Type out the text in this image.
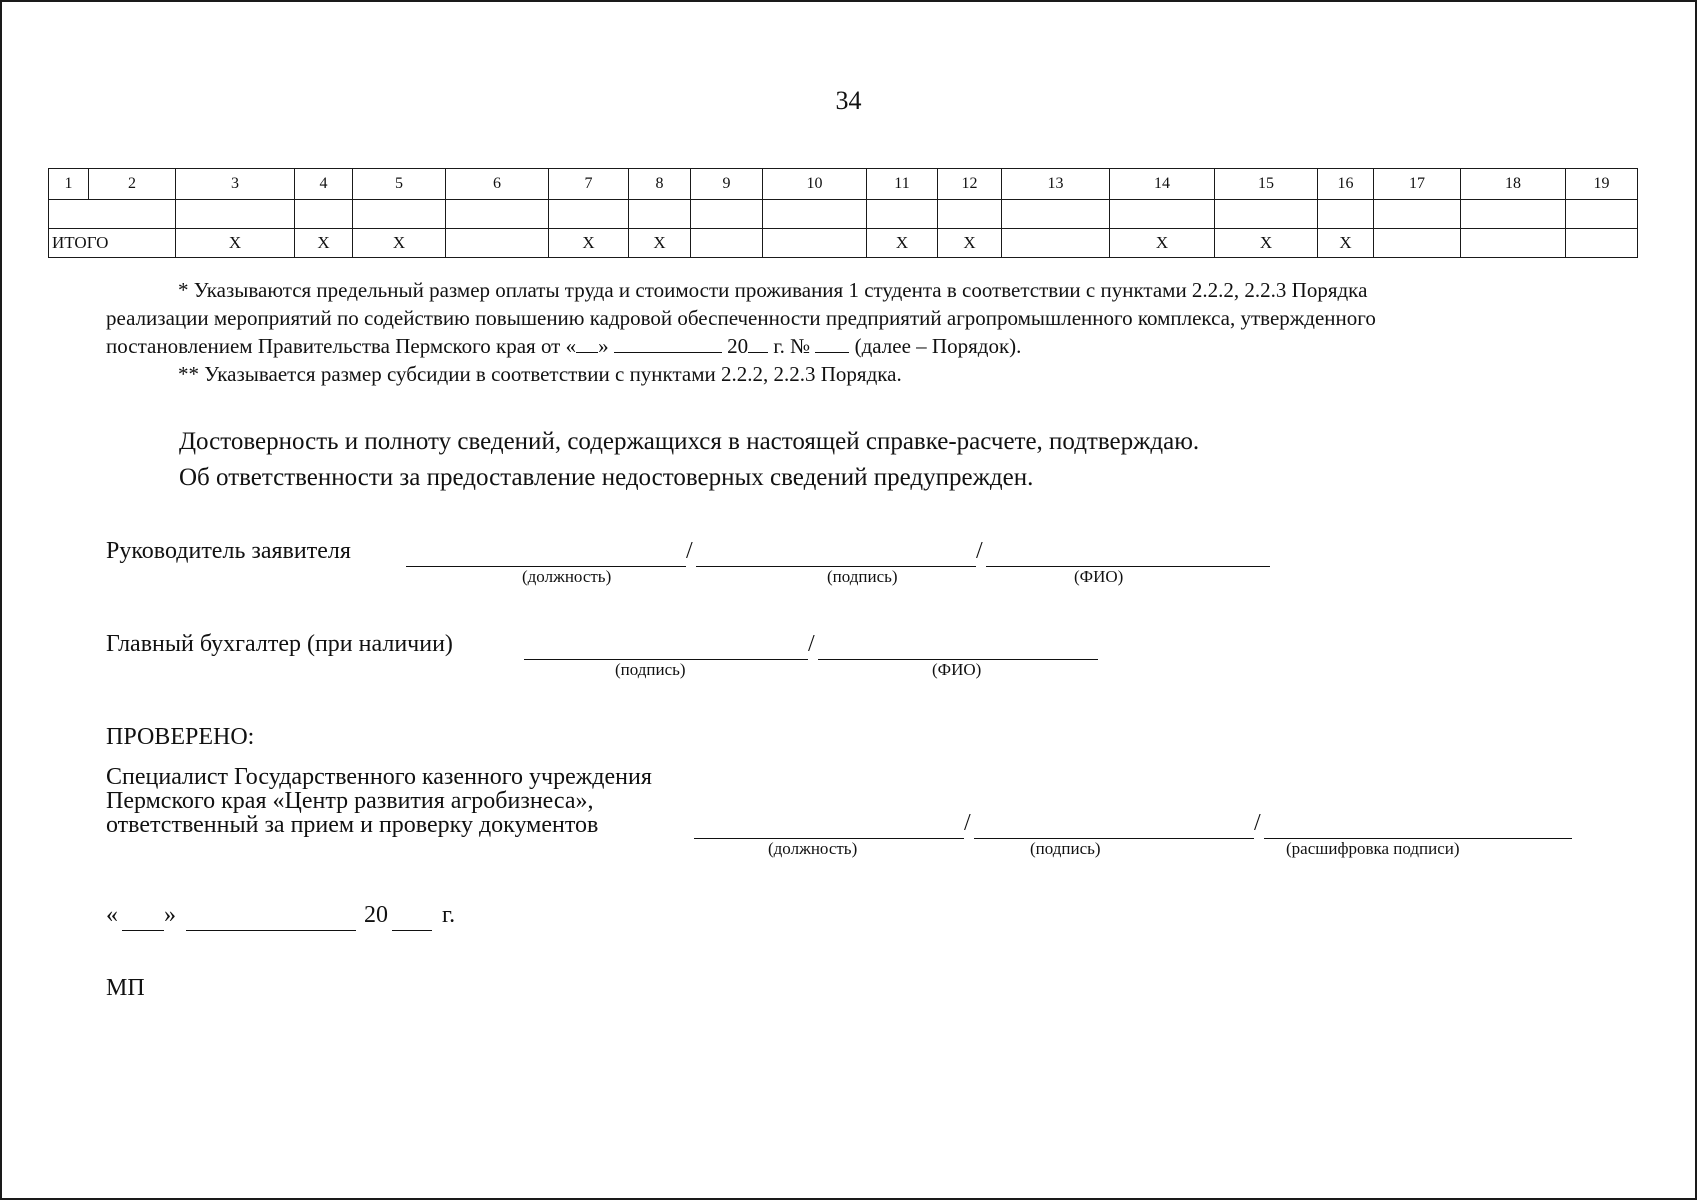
34
1	2	3	4	5	6	7	8	9	10	11	12	13	14	15	16	17	18	19

ИТОГО		Х	Х	Х		Х	Х			Х	Х		Х	Х	Х			

* Указываются предельный размер оплаты труда и стоимости проживания 1 студента в соответствии с пунктами 2.2.2, 2.2.3 Порядка

реализации мероприятий по содействию повышению кадровой обеспеченности предприятий агропромышленного комплекса, утвержденного

постановлением Правительства Пермского края от « »	20 г. № (далее – Порядок).

** Указывается размер субсидии в соответствии с пунктами 2.2.2, 2.2.3 Порядка.

Достоверность и полноту сведений, содержащихся в настоящей справке-расчете, подтверждаю.
Об ответственности за предоставление недостоверных сведений предупрежден.
Руководитель заявителя	/	/
(должность)	(подпись)	(ФИО)
Главный бухгалтер (при наличии)	/
(подпись)	(ФИО)
ПРОВЕРЕНО:
Специалист Государственного казенного учреждения
Пермского края «Центр развития агробизнеса»,
ответственный за прием и проверку документов	/	/
(должность)	(подпись)	(расшифровка подписи)
« »	20 г.
МП
